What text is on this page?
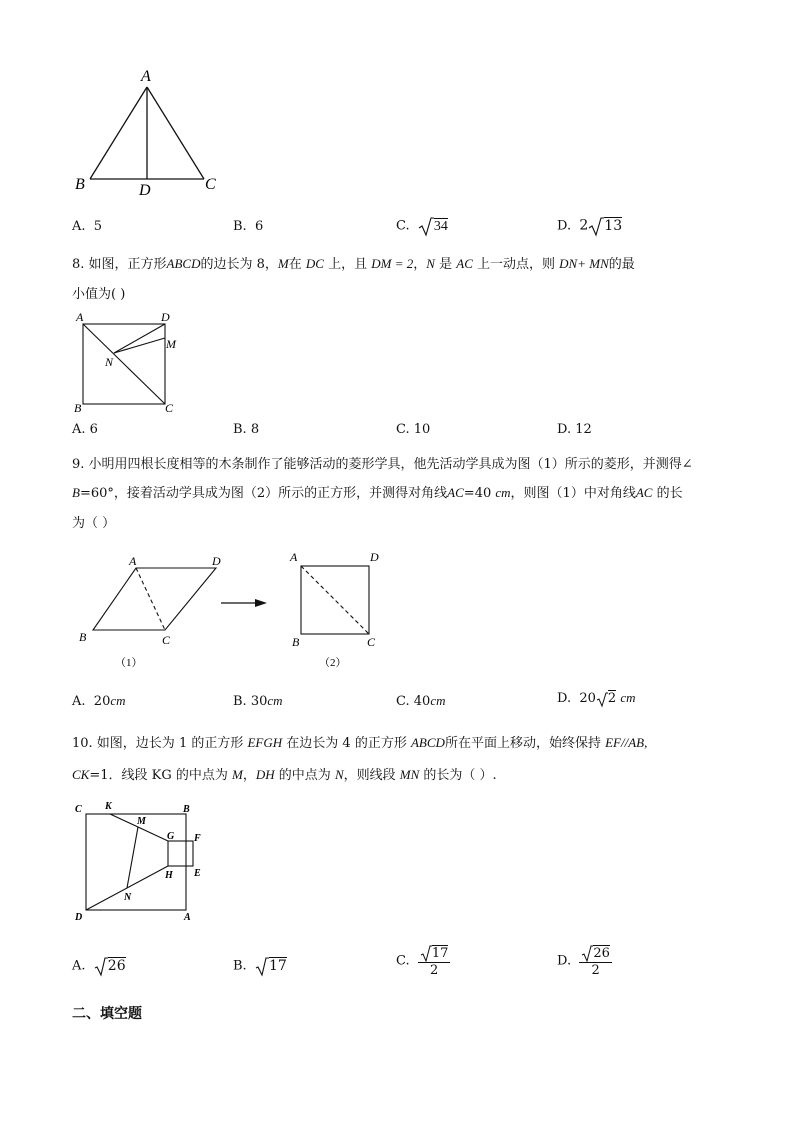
A
B	C
D
A. 5	B. 6	C. 34	D. 2 13
8. 如图，正方形ABCD的边长为 8，M在 DC 上，且 DM = 2，N 是 AC 上一动点，则 DN+ MN的最
小值为( )
A	D
M
N
B	C
A. 6	B. 8	C. 10	D. 12
9. 小明用四根长度相等的木条制作了能够活动的菱形学具，他先活动学具成为图（1）所示的菱形，并测得∠
B=60°，接着活动学具成为图（2）所示的正方形，并测得对角线AC=40 cm，则图（1）中对角线AC 的长
为（ ）
A	D
B	C
（1）
A	D
B	C
（2）
A. 20cm	B. 30cm	C. 40cm	D. 20 2 cm
10. 如图，边长为 1 的正方形 EFGH 在边长为 4 的正方形 ABCD所在平面上移动，始终保持 EF//AB,
CK=1．线段 KG 的中点为 M，DH 的中点为 N，则线段 MN 的长为（ ）.
C K	B
M
G F
H E
N
D	A
A. 26	B. 17	C. $\frac{17}{2}$	D. $\frac{26}{2}$
二、填空题
